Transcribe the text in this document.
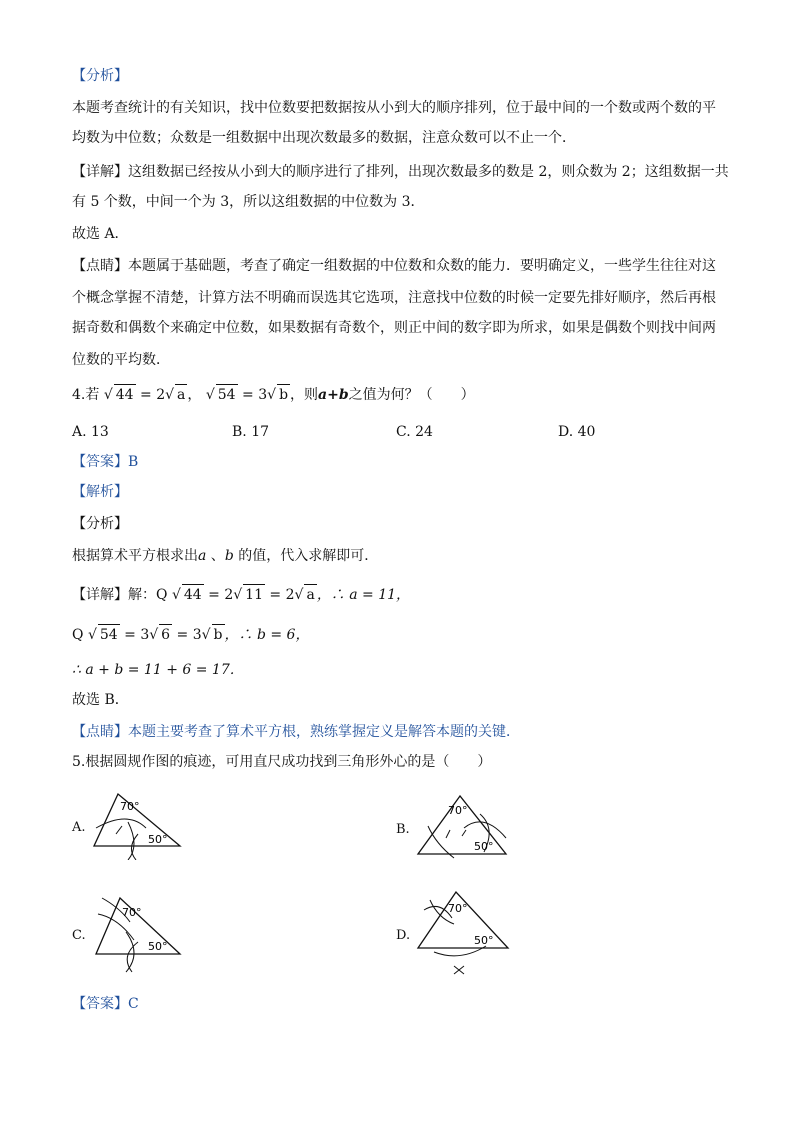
【分析】
本题考查统计的有关知识，找中位数要把数据按从小到大的顺序排列，位于最中间的一个数或两个数的平
均数为中位数；众数是一组数据中出现次数最多的数据，注意众数可以不止一个．
【详解】这组数据已经按从小到大的顺序进行了排列，出现次数最多的数是 2，则众数为 2；这组数据一共
有 5 个数，中间一个为 3，所以这组数据的中位数为 3．
故选 A．
【点睛】本题属于基础题，考查了确定一组数据的中位数和众数的能力．要明确定义，一些学生往往对这
个概念掌握不清楚，计算方法不明确而误选其它选项，注意找中位数的时候一定要先排好顺序，然后再根
据奇数和偶数个来确定中位数，如果数据有奇数个，则正中间的数字即为所求，如果是偶数个则找中间两
位数的平均数．
4.若 √ 44 = 2√ a ， √ 54 = 3√ b ，则a+b之值为何？（　　）
A. 13	B. 17	C. 24	D. 40
【答案】B
【解析】
【分析】
根据算术平方根求出a 、b 的值，代入求解即可．
【详解】解：Q √ 44 = 2√ 11 = 2√ a ，∴ a = 11，
Q √ 54 = 3√ 6 = 3√ b ，∴ b = 6，
∴ a + b = 11 + 6 = 17．
故选 B．
【点睛】本题主要考查了算术平方根，熟练掌握定义是解答本题的关键．
5.根据圆规作图的痕迹，可用直尺成功找到三角形外心的是（　　）
A.
70°
50°
B.
70°
50°
C.
70°
50°
D.
70°
50°
【答案】C
